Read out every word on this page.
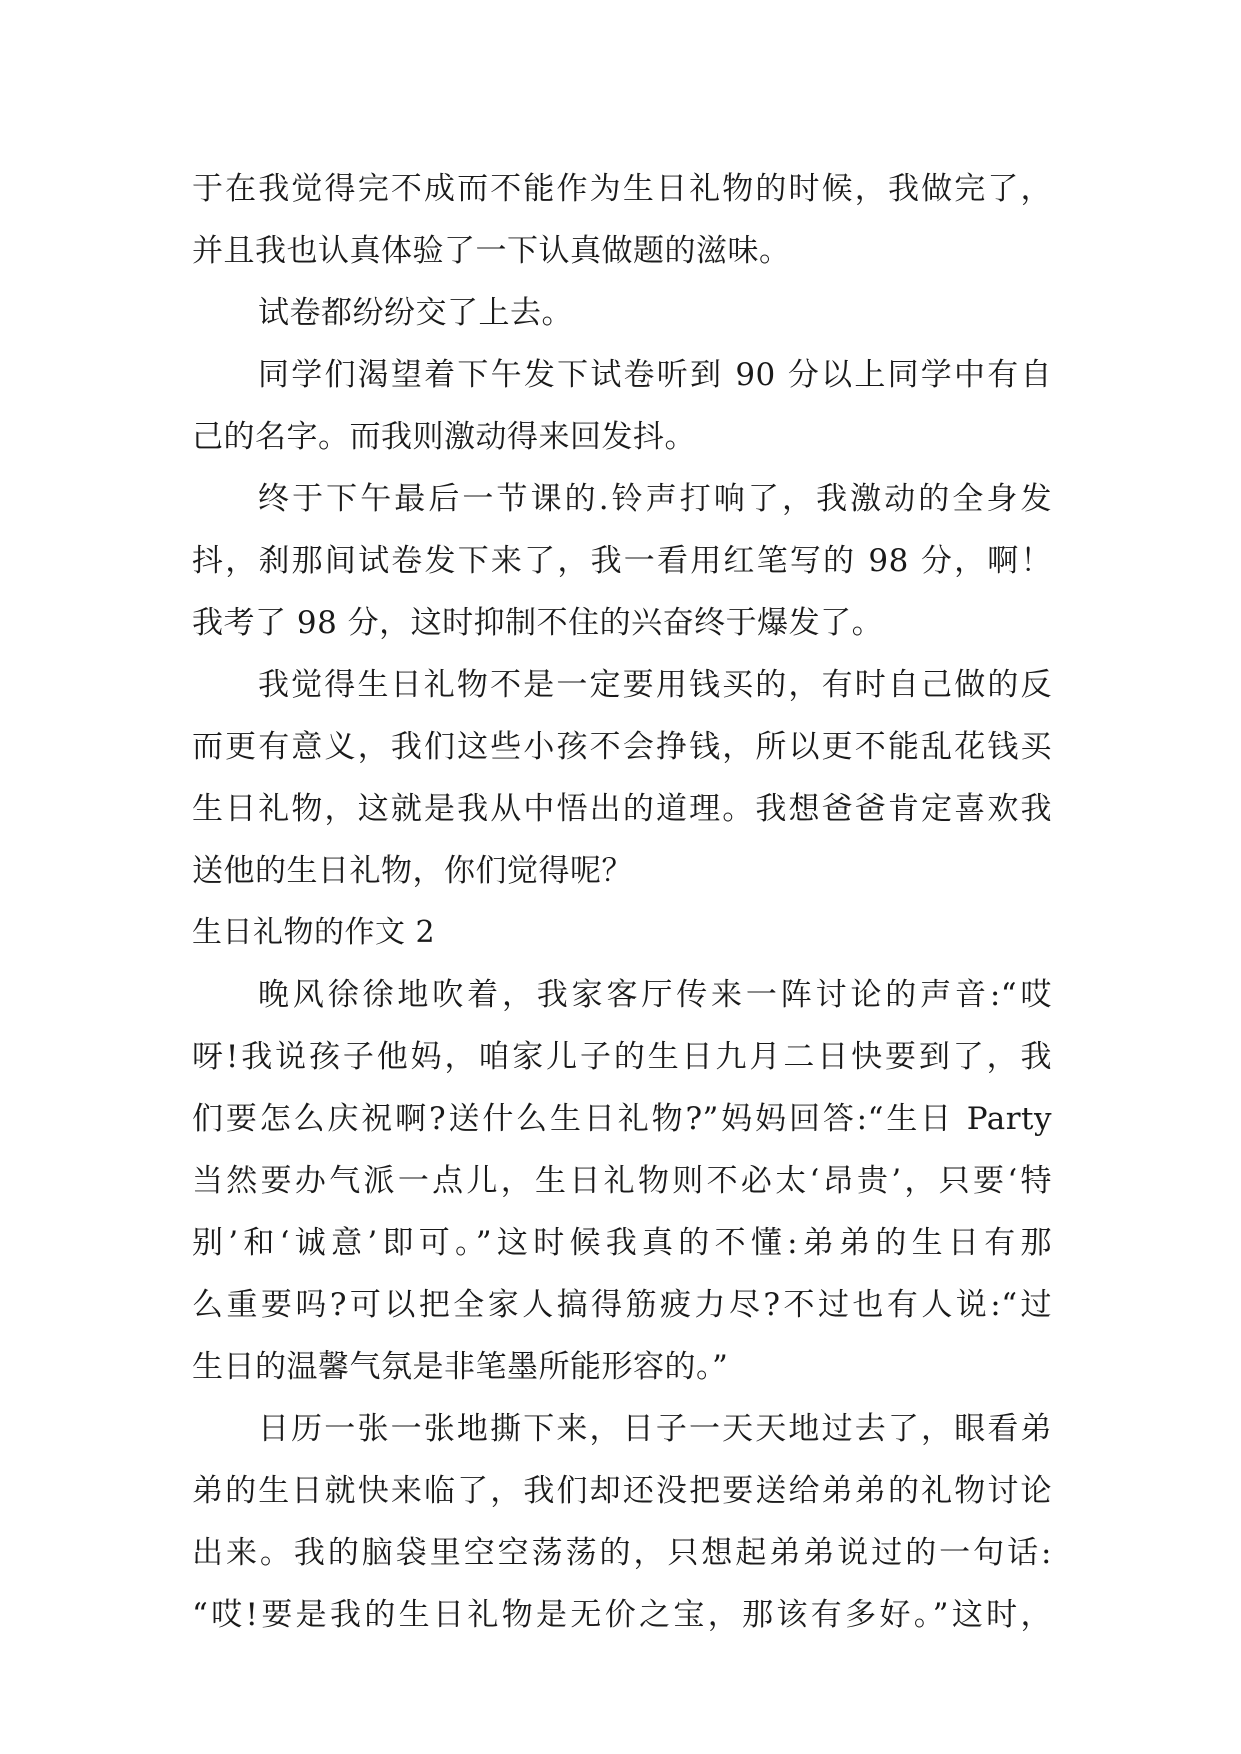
于在我觉得完不成而不能作为生日礼物的时候，我做完了，
并且我也认真体验了一下认真做题的滋味。
试卷都纷纷交了上去。
同学们渴望着下午发下试卷听到 90 分以上同学中有自
己的名字。而我则激动得来回发抖。
终于下午最后一节课的.铃声打响了，我激动的全身发
抖，刹那间试卷发下来了，我一看用红笔写的 98 分，啊！
我考了 98 分，这时抑制不住的兴奋终于爆发了。
我觉得生日礼物不是一定要用钱买的，有时自己做的反
而更有意义，我们这些小孩不会挣钱，所以更不能乱花钱买
生日礼物，这就是我从中悟出的道理。我想爸爸肯定喜欢我
送他的生日礼物，你们觉得呢？
生日礼物的作文 2
晚风徐徐地吹着，我家客厅传来一阵讨论的声音:“哎
呀!我说孩子他妈，咱家儿子的生日九月二日快要到了，我
们要怎么庆祝啊?送什么生日礼物?”妈妈回答:“生日 Party
当然要办气派一点儿，生日礼物则不必太‘昂贵’，只要‘特
别’和‘诚意’即可。”这时候我真的不懂:弟弟的生日有那
么重要吗?可以把全家人搞得筋疲力尽?不过也有人说:“过
生日的温馨气氛是非笔墨所能形容的。”
日历一张一张地撕下来，日子一天天地过去了，眼看弟
弟的生日就快来临了，我们却还没把要送给弟弟的礼物讨论
出来。我的脑袋里空空荡荡的，只想起弟弟说过的一句话:
“哎!要是我的生日礼物是无价之宝，那该有多好。”这时，
